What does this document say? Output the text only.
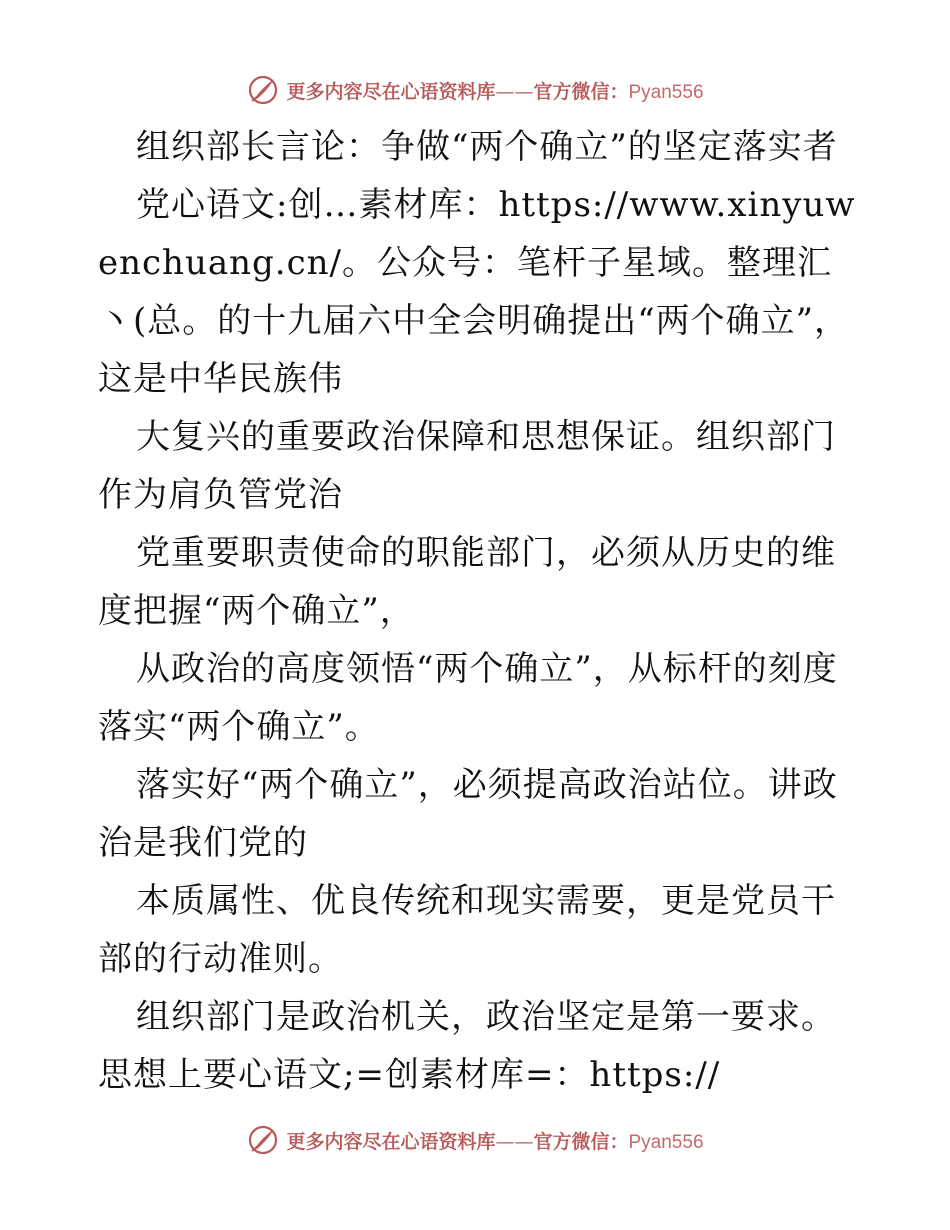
更多内容尽在心语资料库——官方微信：Pyan556

组织部长言论：争做“两个确立”的坚定落实者

党心语文:创…素材库：https://www.xinyuwenchuang.cn/。公众号：笔杆子星域。整理汇丶(总。的十九届六中全会明确提出“两个确立”，这是中华民族伟

大复兴的重要政治保障和思想保证。组织部门作为肩负管党治

党重要职责使命的职能部门，必须从历史的维度把握“两个确立”，

从政治的高度领悟“两个确立”，从标杆的刻度落实“两个确立”。

落实好“两个确立”，必须提高政治站位。讲政治是我们党的

本质属性、优良传统和现实需要，更是党员干部的行动准则。

组织部门是政治机关，政治坚定是第一要求。思想上要心语文;=创素材库=：https://

更多内容尽在心语资料库——官方微信：Pyan556
